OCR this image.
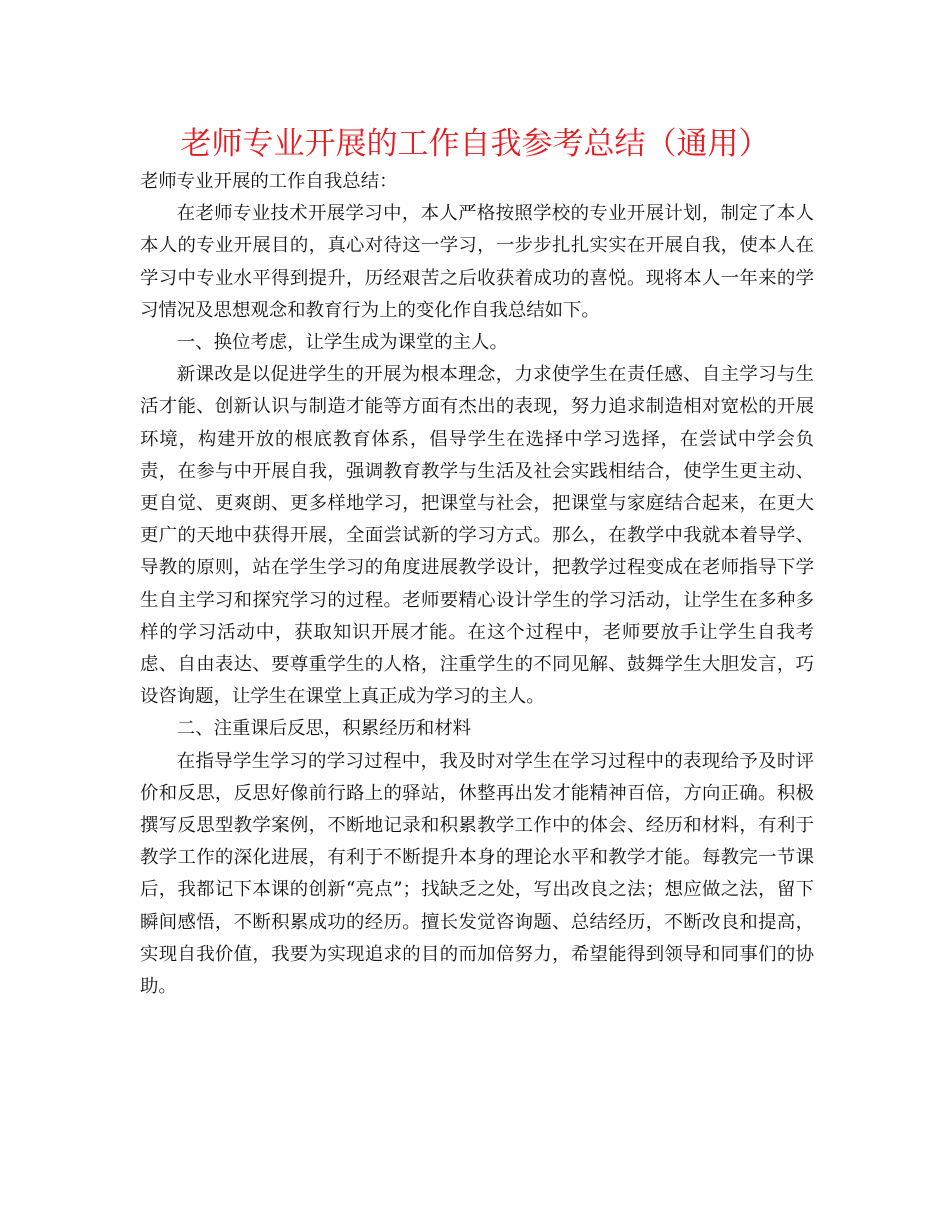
老师专业开展的工作自我参考总结（通用）

老师专业开展的工作自我总结：

在老师专业技术开展学习中，本人严格按照学校的专业开展计划，制定了本人本人的专业开展目的，真心对待这一学习，一步步扎扎实实在开展自我，使本人在学习中专业水平得到提升，历经艰苦之后收获着成功的喜悦。现将本人一年来的学习情况及思想观念和教育行为上的变化作自我总结如下。

一、换位考虑，让学生成为课堂的主人。

新课改是以促进学生的开展为根本理念，力求使学生在责任感、自主学习与生活才能、创新认识与制造才能等方面有杰出的表现，努力追求制造相对宽松的开展环境，构建开放的根底教育体系，倡导学生在选择中学习选择，在尝试中学会负责，在参与中开展自我，强调教育教学与生活及社会实践相结合，使学生更主动、更自觉、更爽朗、更多样地学习，把课堂与社会，把课堂与家庭结合起来，在更大更广的天地中获得开展，全面尝试新的学习方式。那么，在教学中我就本着导学、导教的原则，站在学生学习的角度进展教学设计，把教学过程变成在老师指导下学生自主学习和探究学习的过程。老师要精心设计学生的学习活动，让学生在多种多样的学习活动中，获取知识开展才能。在这个过程中，老师要放手让学生自我考虑、自由表达、要尊重学生的人格，注重学生的不同见解、鼓舞学生大胆发言，巧设咨询题，让学生在课堂上真正成为学习的主人。

二、注重课后反思，积累经历和材料

在指导学生学习的学习过程中，我及时对学生在学习过程中的表现给予及时评价和反思，反思好像前行路上的驿站，休整再出发才能精神百倍，方向正确。积极撰写反思型教学案例，不断地记录和积累教学工作中的体会、经历和材料，有利于教学工作的深化进展，有利于不断提升本身的理论水平和教学才能。每教完一节课后，我都记下本课的创新“亮点”；找缺乏之处，写出改良之法；想应做之法，留下瞬间感悟，不断积累成功的经历。擅长发觉咨询题、总结经历，不断改良和提高，实现自我价值，我要为实现追求的目的而加倍努力，希望能得到领导和同事们的协助。
